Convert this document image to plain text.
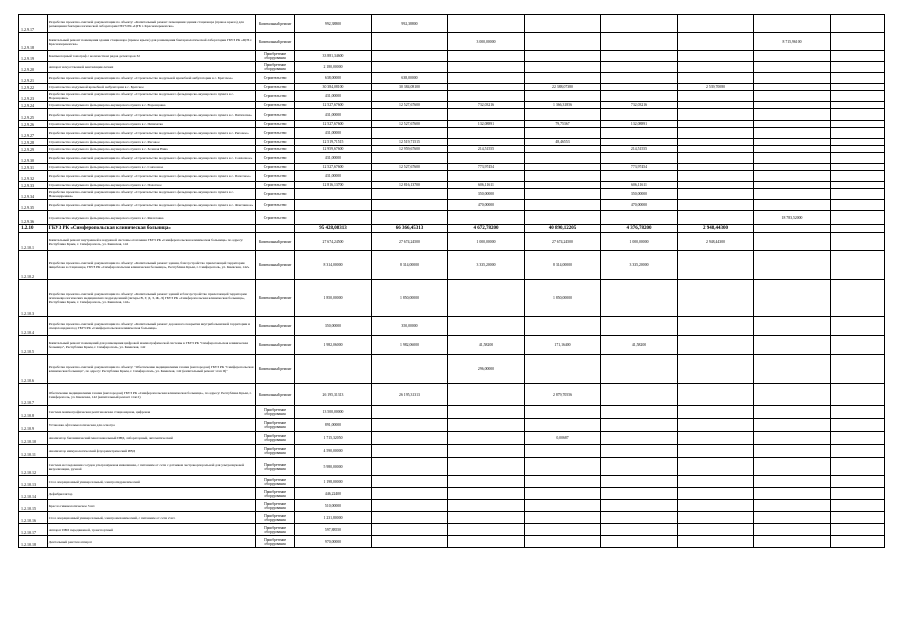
1.2.9.17	Разработка проектно-сметной документации по объекту: «Капитальный ремонт помещения здания стационара (правое крыло) для размещения бактериологической лаборатории ГБУЗ РК «ЦГБ г. Красноперекопска»	Капитальный ремонт	992,38800	992,38800						
1.2.9.18	Капитальный ремонт помещения здания стационара (правое крыло) для размещения бактериологической лаборатории ГБУЗ РК «ЦГБ г. Красноперекопска»	Капитальный ремонт			3 000,00000				8 715,96100	
1.2.9.19	Компьютерный томограф с количеством рядов детекторов 32	Приобретение оборудования	33 881,34600							
1.2.9.20	Аппарат искусственной вентиляции легких	Приобретение оборудования	2 180,00000							
1.2.9.21	Разработка проектно-сметной документации по объекту: «Строительство модульной врачебной амбулатории в с. Братское»	Строительство	638,00000	638,00000						
1.2.9.22	Строительство модульной врачебной амбулатории в с. Братское	Строительство	30 384,08100	30 384,08100		22 388,07380		2 539,70080		
1.2.9.23	Разработка проектно-сметной документации по объекту: «Строительство модульного фельдшерско-акушерского пункта в с. Воронцовка»	Строительство	431,00000							
1.2.9.24	Строительство модульного фельдшерско-акушерского пункта в с. Воронцовка	Строительство	12 527,67600	12 527,67600	732,03216	1 366,31856	732,03216			
1.2.9.25	Разработка проектно-сметной документации по объекту: «Строительство модульного фельдшерско-акушерского пункта в с. Пятихатка»	Строительство	431,00000							
1.2.9.26	Строительство модульного фельдшерско-акушерского пункта в с. Пятихатка	Строительство	12 527,67600	12 527,67600	132,08891	79,75367	132,08891			
1.2.9.27	Разработка проектно-сметной документации по объекту: «Строительство модульного фельдшерско-акушерского пункта в с. Рисовое»	Строительство	431,00000							
1.2.9.28	Строительство модульного фельдшерско-акушерского пункта в с. Рисовое	Строительство	12 519,71515	12 519,71515		48,46553				
1.2.9.29	Строительство модульного фельдшерско-акушерского пункта в с. Зеленая Нива	Строительство	12 959,67600	12 959,67600	214,51555		214,51555			
1.2.9.30	Разработка проектно-сметной документации по объекту: «Строительство модульного фельдшерско-акушерского пункта в с. Совхозное»	Строительство	431,00000							
1.2.9.31	Строительство модульного фельдшерско-акушерского пункта в с. Совхозное	Строительство	12 527,67600	12 527,67600	773,97454		773,97454			
1.2.9.32	Разработка проектно-сметной документации по объекту: «Строительство модульного фельдшерско-акушерского пункта в с. Пахотное»	Строительство	431,00000							
1.2.9.33	Строительство модульного фельдшерско-акушерского пункта в с. Пахотное	Строительство	12 816,13700	12 816,13700	606,11611		606,11611			
1.2.9.34	Разработка проектно-сметной документации по объекту: «Строительство модульного фельдшерско-акушерского пункта в с. Новоандреевка»	Строительство			350,00000		350,00000			
1.2.9.35	Разработка проектно-сметной документации по объекту: «Строительство модульного фельдшерско-акушерского пункта в с. Фонтанное»	Строительство			470,00000		470,00000			
1.2.9.36	Строительство модульного фельдшерско-акушерского пункта в с. Филатовка	Строительство							18 783,52000	
1.2.10	ГБУЗ РК «Симферопольская клиническая больница»		95 428,08313	66 366,45313	4 672,78200	40 890,12205	4 376,78200	2 948,44300		
1.2.10.1	Капитальный ремонт внутренней и наружной системы отопления ГБУЗ РК «Симферопольская клиническая больница» по адресу: Республика Крым, г. Симферополь, ул. Киевская, 142	Капитальный ремонт	27 674,24500	27 674,24500	1 000,00000	27 674,24500	1 000,00000	2 948,44300		
1.2.10.2	Разработка проектно-сметной документации по объекту: «Капитальный ремонт здания, благоустройство прилегающей территории пищеблока в стационаре, ГБУЗ РК «Симферопольская клиническая больница», Республика Крым, г. Симферополь, ул. Киевская, 142»	Капитальный ремонт	8 314,00000	8 314,00000	3 335,20000	8 314,00000	3 335,20000			
1.2.10.3	Разработка проектно-сметной документации по объекту: «Капитальный ремонт зданий и благоустройство прилегающей территории психоневрологических медицинских подразделений (литеры В, Г, Д, З, Ж, Л) ГБУЗ РК «Симферопольская клиническая больница», Республика Крым, г. Симферополь, ул. Киевская, 142»	Капитальный ремонт	1 850,00000	1 850,00000		1 850,00000				
1.2.10.4	Разработка проектно-сметной документации по объекту: «Капитальный ремонт дорожного покрытия внутрибольничной территории и спецплощадки под ГБУЗ РК «Симферопольская клиническая больница»	Капитальный ремонт	350,00000	350,00000						
1.2.10.5	Капитальный ремонт помещений для размещения цифровой маммографической системы в ГБУЗ РК "Симферопольская клиническая больница", Республика Крым, г. Симферополь, ул. Киевская, 142	Капитальный ремонт	1 982,06000	1 982,06000	41,58200	171,16400	41,58200			
1.2.10.6	Разработка проектно-сметной документации по объекту: "Обеспечение медицинскими газами (кислородом) ГБУЗ РК "Симферопольская клиническая больница", по адресу: Республика Крым, г. Симферополь, ул. Киевская, 142 (капитальный ремонт этап II)"	Капитальный ремонт			296,00000					
1.2.10.7	Обеспечение медицинскими газами (кислородом) ГБУЗ РК «Симферопольская клиническая больница», по адресу: Республика Крым, г. Симферополь, ул. Киевская, 142 (капитальный ремонт этап I)	Капитальный ремонт	26 195,31313	26 195,31313		2 879,70556				
1.2.10.8	Система маммографическая рентгеновская стационарная, цифровая	Приобретение оборудования	13 500,00000							
1.2.10.9	Установка офтальмологическая для осмотра	Приобретение оборудования	891,00000							
1.2.10.10	Анализатор биохимический многоканальный ИВД, лабораторный, автоматический	Приобретение оборудования	1 715,32050			0,00687				
1.2.10.11	Анализатор иммунологический флуориметрический ИВД	Приобретение оборудования	4 590,00000							
1.2.10.12	Система исследования сосудов ультразвуковая инвазивная, с питанием от сети с датчиком экстракорпоральной для ультразвуковой визуализации, ручной	Приобретение оборудования	5 980,00000							
1.2.10.13	Стол операционный универсальный, электрогидравлический	Приобретение оборудования	1 198,00000							
1.2.10.14	Дефибриллятор	Приобретение оборудования	446,22400							
1.2.10.15	Кресло гинекологическое 3 шт.	Приобретение оборудования	510,00000							
1.2.10.16	Стол операционный универсальный, электромеханический, с питанием от сети 2 шт.	Приобретение оборудования	1 231,80000							
1.2.10.17	Аппарат ИВЛ передвижной, транспортный	Приобретение оборудования	597,88550							
1.2.10.18	Дентальный рентген аппарат	Приобретение оборудования	970,00000							
